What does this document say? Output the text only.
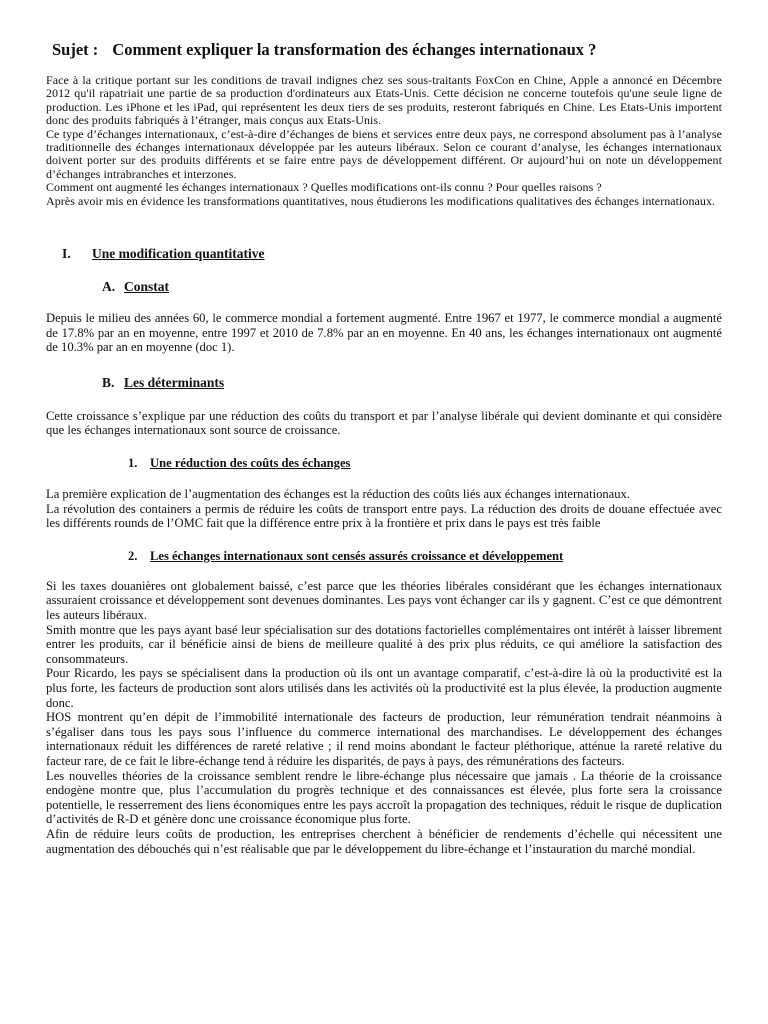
Sujet : Comment expliquer la transformation des échanges internationaux ?

Face à la critique portant sur les conditions de travail indignes chez ses sous-traitants FoxCon en Chine, Apple a annoncé en Décembre 2012 qu'il rapatriait une partie de sa production d'ordinateurs aux Etats-Unis. Cette décision ne concerne toutefois qu'une seule ligne de production. Les iPhone et les iPad, qui représentent les deux tiers de ses produits, resteront fabriqués en Chine. Les Etats-Unis importent donc des produits fabriqués à l’étranger, mais conçus aux Etats-Unis.

Ce type d’échanges internationaux, c’est-à-dire d’échanges de biens et services entre deux pays, ne correspond absolument pas à l’analyse traditionnelle des échanges internationaux développée par les auteurs libéraux. Selon ce courant d’analyse, les échanges internationaux doivent porter sur des produits différents et se faire entre pays de développement différent. Or aujourd’hui on note un développement d’échanges intrabranches et interzones.

Comment ont augmenté les échanges internationaux ? Quelles modifications ont-ils connu ? Pour quelles raisons ?

Après avoir mis en évidence les transformations quantitatives, nous étudierons les modifications qualitatives des échanges internationaux.

I. Une modification quantitative
A. Constat

Depuis le milieu des années 60, le commerce mondial a fortement augmenté. Entre 1967 et 1977, le commerce mondial a augmenté de 17.8% par an en moyenne, entre 1997 et 2010 de 7.8% par an en moyenne. En 40 ans, les échanges internationaux ont augmenté de 10.3% par an en moyenne (doc 1).

B. Les déterminants

Cette croissance s’explique par une réduction des coûts du transport et par l’analyse libérale qui devient dominante et qui considère que les échanges internationaux sont source de croissance.

1. Une réduction des coûts des échanges

La première explication de l’augmentation des échanges est la réduction des coûts liés aux échanges internationaux.

La révolution des containers a permis de réduire les coûts de transport entre pays. La réduction des droits de douane effectuée avec les différents rounds de l’OMC fait que la différence entre prix à la frontière et prix dans le pays est très faible

2. Les échanges internationaux sont censés assurés croissance et développement

Si les taxes douanières ont globalement baissé, c’est parce que les théories libérales considérant que les échanges internationaux assuraient croissance et développement sont devenues dominantes. Les pays vont échanger car ils y gagnent. C’est ce que démontrent les auteurs libéraux.

Smith montre que les pays ayant basé leur spécialisation sur des dotations factorielles complémentaires ont intérêt à laisser librement entrer les produits, car il bénéficie ainsi de biens de meilleure qualité à des prix plus réduits, ce qui améliore la satisfaction des consommateurs.

Pour Ricardo, les pays se spécialisent dans la production où ils ont un avantage comparatif, c’est-à-dire là où la productivité est la plus forte, les facteurs de production sont alors utilisés dans les activités où la productivité est la plus élevée, la production augmente donc.

HOS montrent qu’en dépit de l’immobilité internationale des facteurs de production, leur rémunération tendrait néanmoins à s’égaliser dans tous les pays sous l’influence du commerce international des marchandises. Le développement des échanges internationaux réduit les différences de rareté relative ; il rend moins abondant le facteur pléthorique, atténue la rareté relative du facteur rare, de ce fait le libre-échange tend à réduire les disparités, de pays à pays, des rémunérations des facteurs.

Les nouvelles théories de la croissance semblent rendre le libre-échange plus nécessaire que jamais . La théorie de la croissance endogène montre que, plus l’accumulation du progrès technique et des connaissances est élevée, plus forte sera la croissance potentielle, le resserrement des liens économiques entre les pays accroît la propagation des techniques, réduit le risque de duplication d’activités de R-D et génère donc une croissance économique plus forte.

Afin de réduire leurs coûts de production, les entreprises cherchent à bénéficier de rendements d’échelle qui nécessitent une augmentation des débouchés qui n’est réalisable que par le développement du libre-échange et l’instauration du marché mondial.
